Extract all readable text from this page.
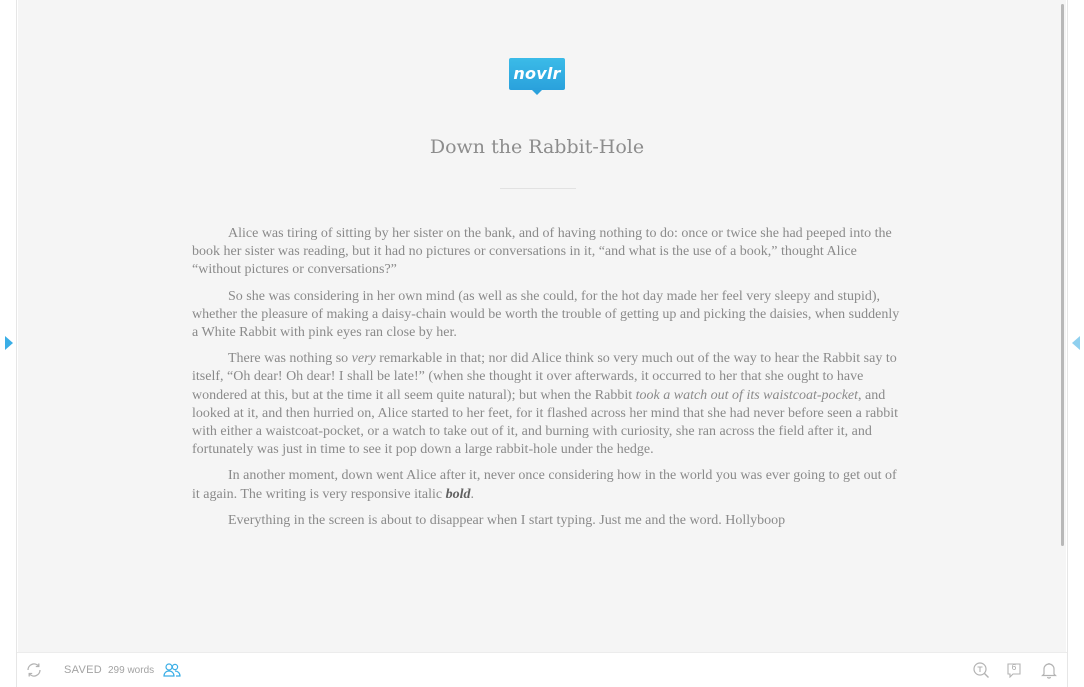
novlr
Down the Rabbit-Hole

Alice was tiring of sitting by her sister on the bank, and of having nothing to do: once or twice she had peeped into the book her sister was reading, but it had no pictures or conversations in it, “and what is the use of a book,” thought Alice “without pictures or conversations?”

So she was considering in her own mind (as well as she could, for the hot day made her feel very sleepy and stupid), whether the pleasure of making a daisy-chain would be worth the trouble of getting up and picking the daisies, when suddenly a White Rabbit with pink eyes ran close by her.

There was nothing so very remarkable in that; nor did Alice think so very much out of the way to hear the Rabbit say to itself, “Oh dear! Oh dear! I shall be late!” (when she thought it over afterwards, it occurred to her that she ought to have wondered at this, but at the time it all seem quite natural); but when the Rabbit took a watch out of its waistcoat-pocket, and looked at it, and then hurried on, Alice started to her feet, for it flashed across her mind that she had never before seen a rabbit with either a waistcoat-pocket, or a watch to take out of it, and burning with curiosity, she ran across the field after it, and fortunately was just in time to see it pop down a large rabbit-hole under the hedge.

In another moment, down went Alice after it, never once considering how in the world you was ever going to get out of it again. The writing is very responsive italic bold.

Everything in the screen is about to disappear when I start typing. Just me and the word. Hollyboop

SAVED 299 words	6
